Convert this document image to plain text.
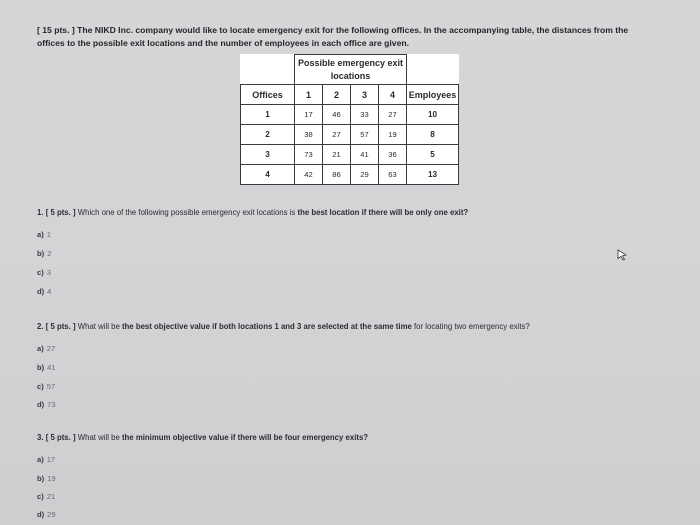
[ 15 pts. ] The NIKD Inc. company would like to locate emergency exit for the following offices. In the accompanying table, the distances from the offices to the possible exit locations and the number of employees in each office are given.
	Possible emergency exit locations				
Offices	1	2	3	4	Employees
1	17	46	33	27	10
2	38	27	57	19	8
3	73	21	41	36	5
4	42	86	29	63	13
1. [ 5 pts. ] Which one of the following possible emergency exit locations is the best location if there will be only one exit?
a) 1
b) 2
c) 3
d) 4
2. [ 5 pts. ] What will be the best objective value if both locations 1 and 3 are selected at the same time for locating two emergency exits?
a) 27
b) 41
c) 57
d) 73
3. [ 5 pts. ] What will be the minimum objective value if there will be four emergency exits?
a) 17
b) 19
c) 21
d) 29
